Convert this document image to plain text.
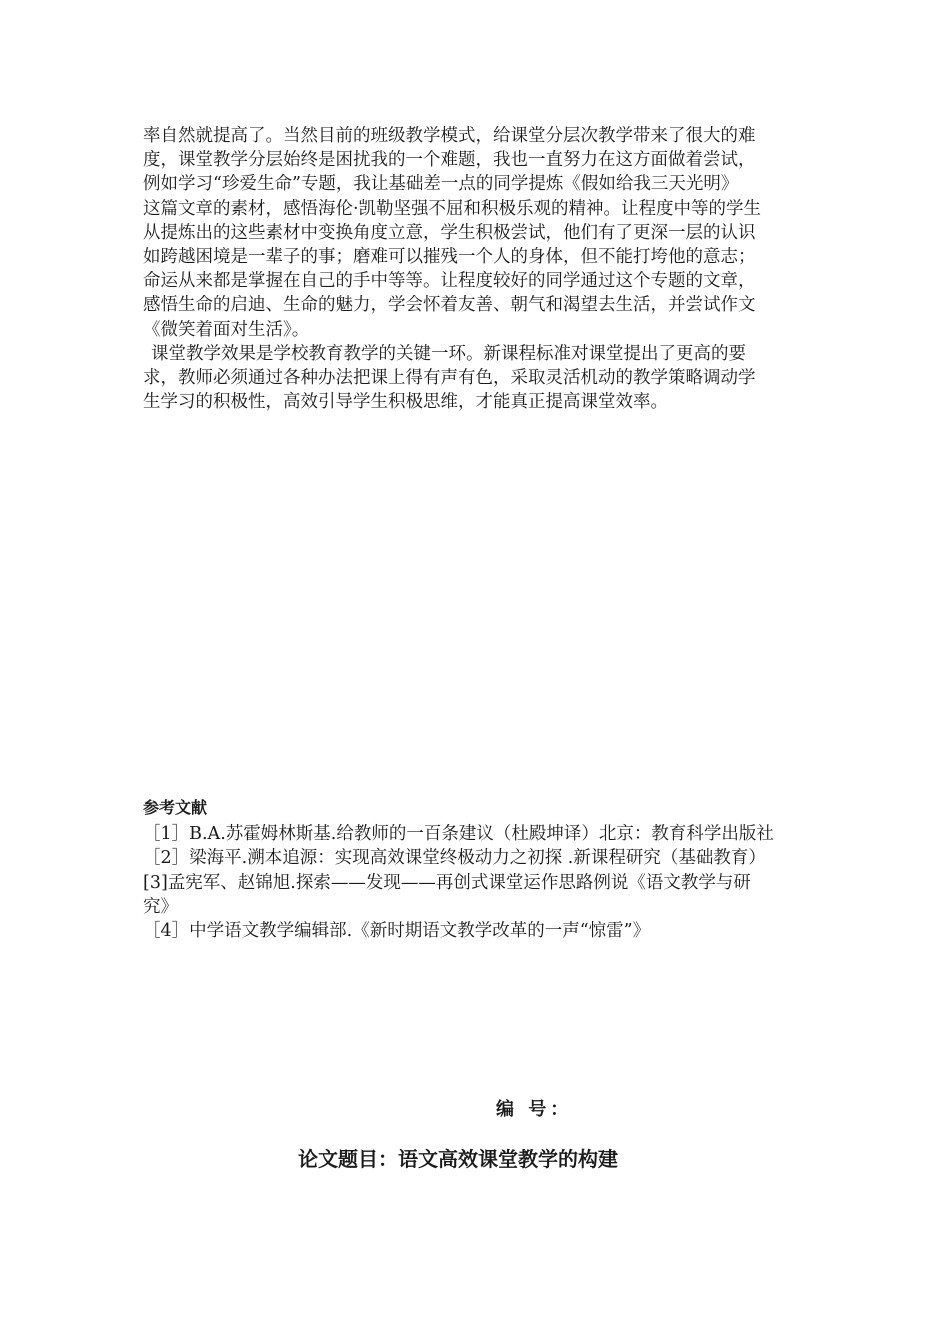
率自然就提高了。当然目前的班级教学模式，给课堂分层次教学带来了很大的难
度，课堂教学分层始终是困扰我的一个难题，我也一直努力在这方面做着尝试，
例如学习“珍爱生命”专题，我让基础差一点的同学提炼《假如给我三天光明》
这篇文章的素材，感悟海伦·凯勒坚强不屈和积极乐观的精神。让程度中等的学生
从提炼出的这些素材中变换角度立意，学生积极尝试，他们有了更深一层的认识
如跨越困境是一辈子的事；磨难可以摧残一个人的身体，但不能打垮他的意志；
命运从来都是掌握在自己的手中等等。让程度较好的同学通过这个专题的文章，
感悟生命的启迪、生命的魅力，学会怀着友善、朝气和渴望去生活，并尝试作文
《微笑着面对生活》。
课堂教学效果是学校教育教学的关键一环。新课程标准对课堂提出了更高的要
求，教师必须通过各种办法把课上得有声有色，采取灵活机动的教学策略调动学
生学习的积极性，高效引导学生积极思维，才能真正提高课堂效率。
参考文献
［1］B.A.苏霍姆林斯基.给教师的一百条建议（杜殿坤译）北京：教育科学出版社
［2］梁海平.溯本追源：实现高效课堂终极动力之初探 .新课程研究（基础教育）
[3]孟宪军、赵锦旭.探索——发现——再创式课堂运作思路例说《语文教学与研
究》
［4］中学语文教学编辑部.《新时期语文教学改革的一声“惊雷”》
编 号：
论文题目：语文高效课堂教学的构建
